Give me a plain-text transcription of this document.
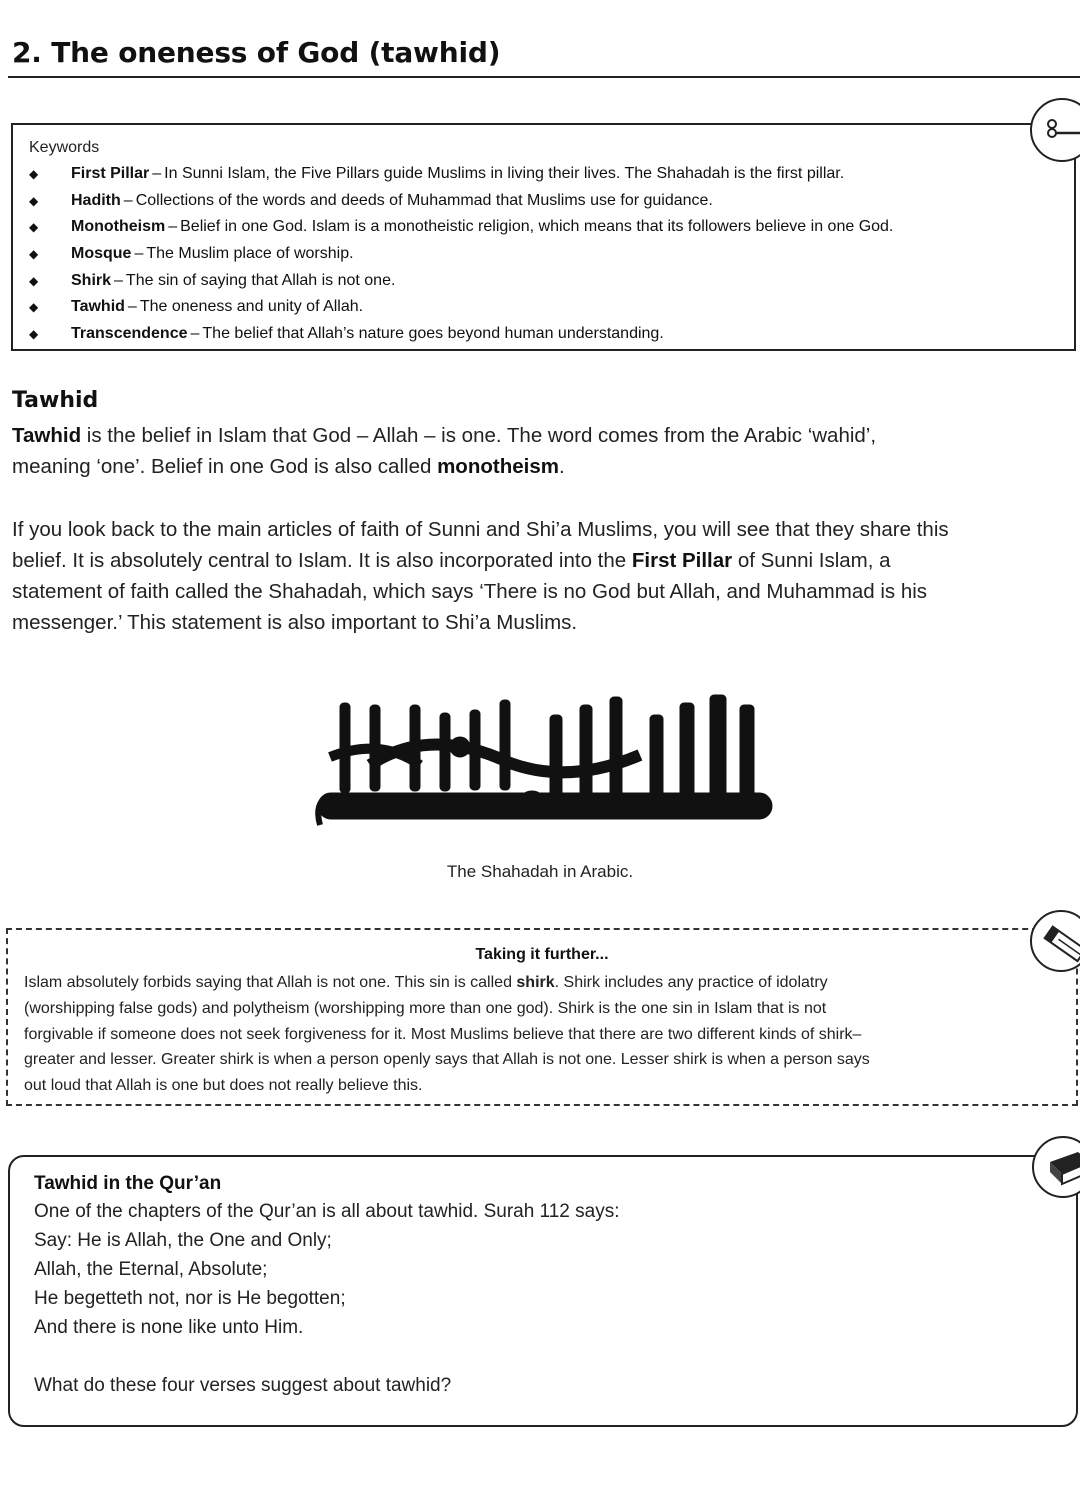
2. The oneness of God (tawhid)
Keywords
◆	First Pillar – In Sunni Islam, the Five Pillars guide Muslims in living their lives. The Shahadah is the first pillar.
◆	Hadith – Collections of the words and deeds of Muhammad that Muslims use for guidance.
◆	Monotheism – Belief in one God. Islam is a monotheistic religion, which means that its followers believe in one God.
◆	Mosque – The Muslim place of worship.
◆	Shirk – The sin of saying that Allah is not one.
◆	Tawhid – The oneness and unity of Allah.
◆	Transcendence – The belief that Allah’s nature goes beyond human understanding.
Tawhid
Tawhid is the belief in Islam that God – Allah – is one. The word comes from the Arabic ‘wahid’,
meaning ‘one’. Belief in one God is also called monotheism.
If you look back to the main articles of faith of Sunni and Shi’a Muslims, you will see that they share this
belief. It is absolutely central to Islam. It is also incorporated into the First Pillar of Sunni Islam, a
statement of faith called the Shahadah, which says ‘There is no God but Allah, and Muhammad is his
messenger.’ This statement is also important to Shi’a Muslims.
The Shahadah in Arabic.
Taking it further...
Islam absolutely forbids saying that Allah is not one. This sin is called shirk. Shirk includes any practice of idolatry
(worshipping false gods) and polytheism (worshipping more than one god). Shirk is the one sin in Islam that is not
forgivable if someone does not seek forgiveness for it. Most Muslims believe that there are two different kinds of shirk–
greater and lesser. Greater shirk is when a person openly says that Allah is not one. Lesser shirk is when a person says
out loud that Allah is one but does not really believe this.
Tawhid in the Qur’an
One of the chapters of the Qur’an is all about tawhid. Surah 112 says:
Say: He is Allah, the One and Only;
Allah, the Eternal, Absolute;
He begetteth not, nor is He begotten;
And there is none like unto Him.
What do these four verses suggest about tawhid?
